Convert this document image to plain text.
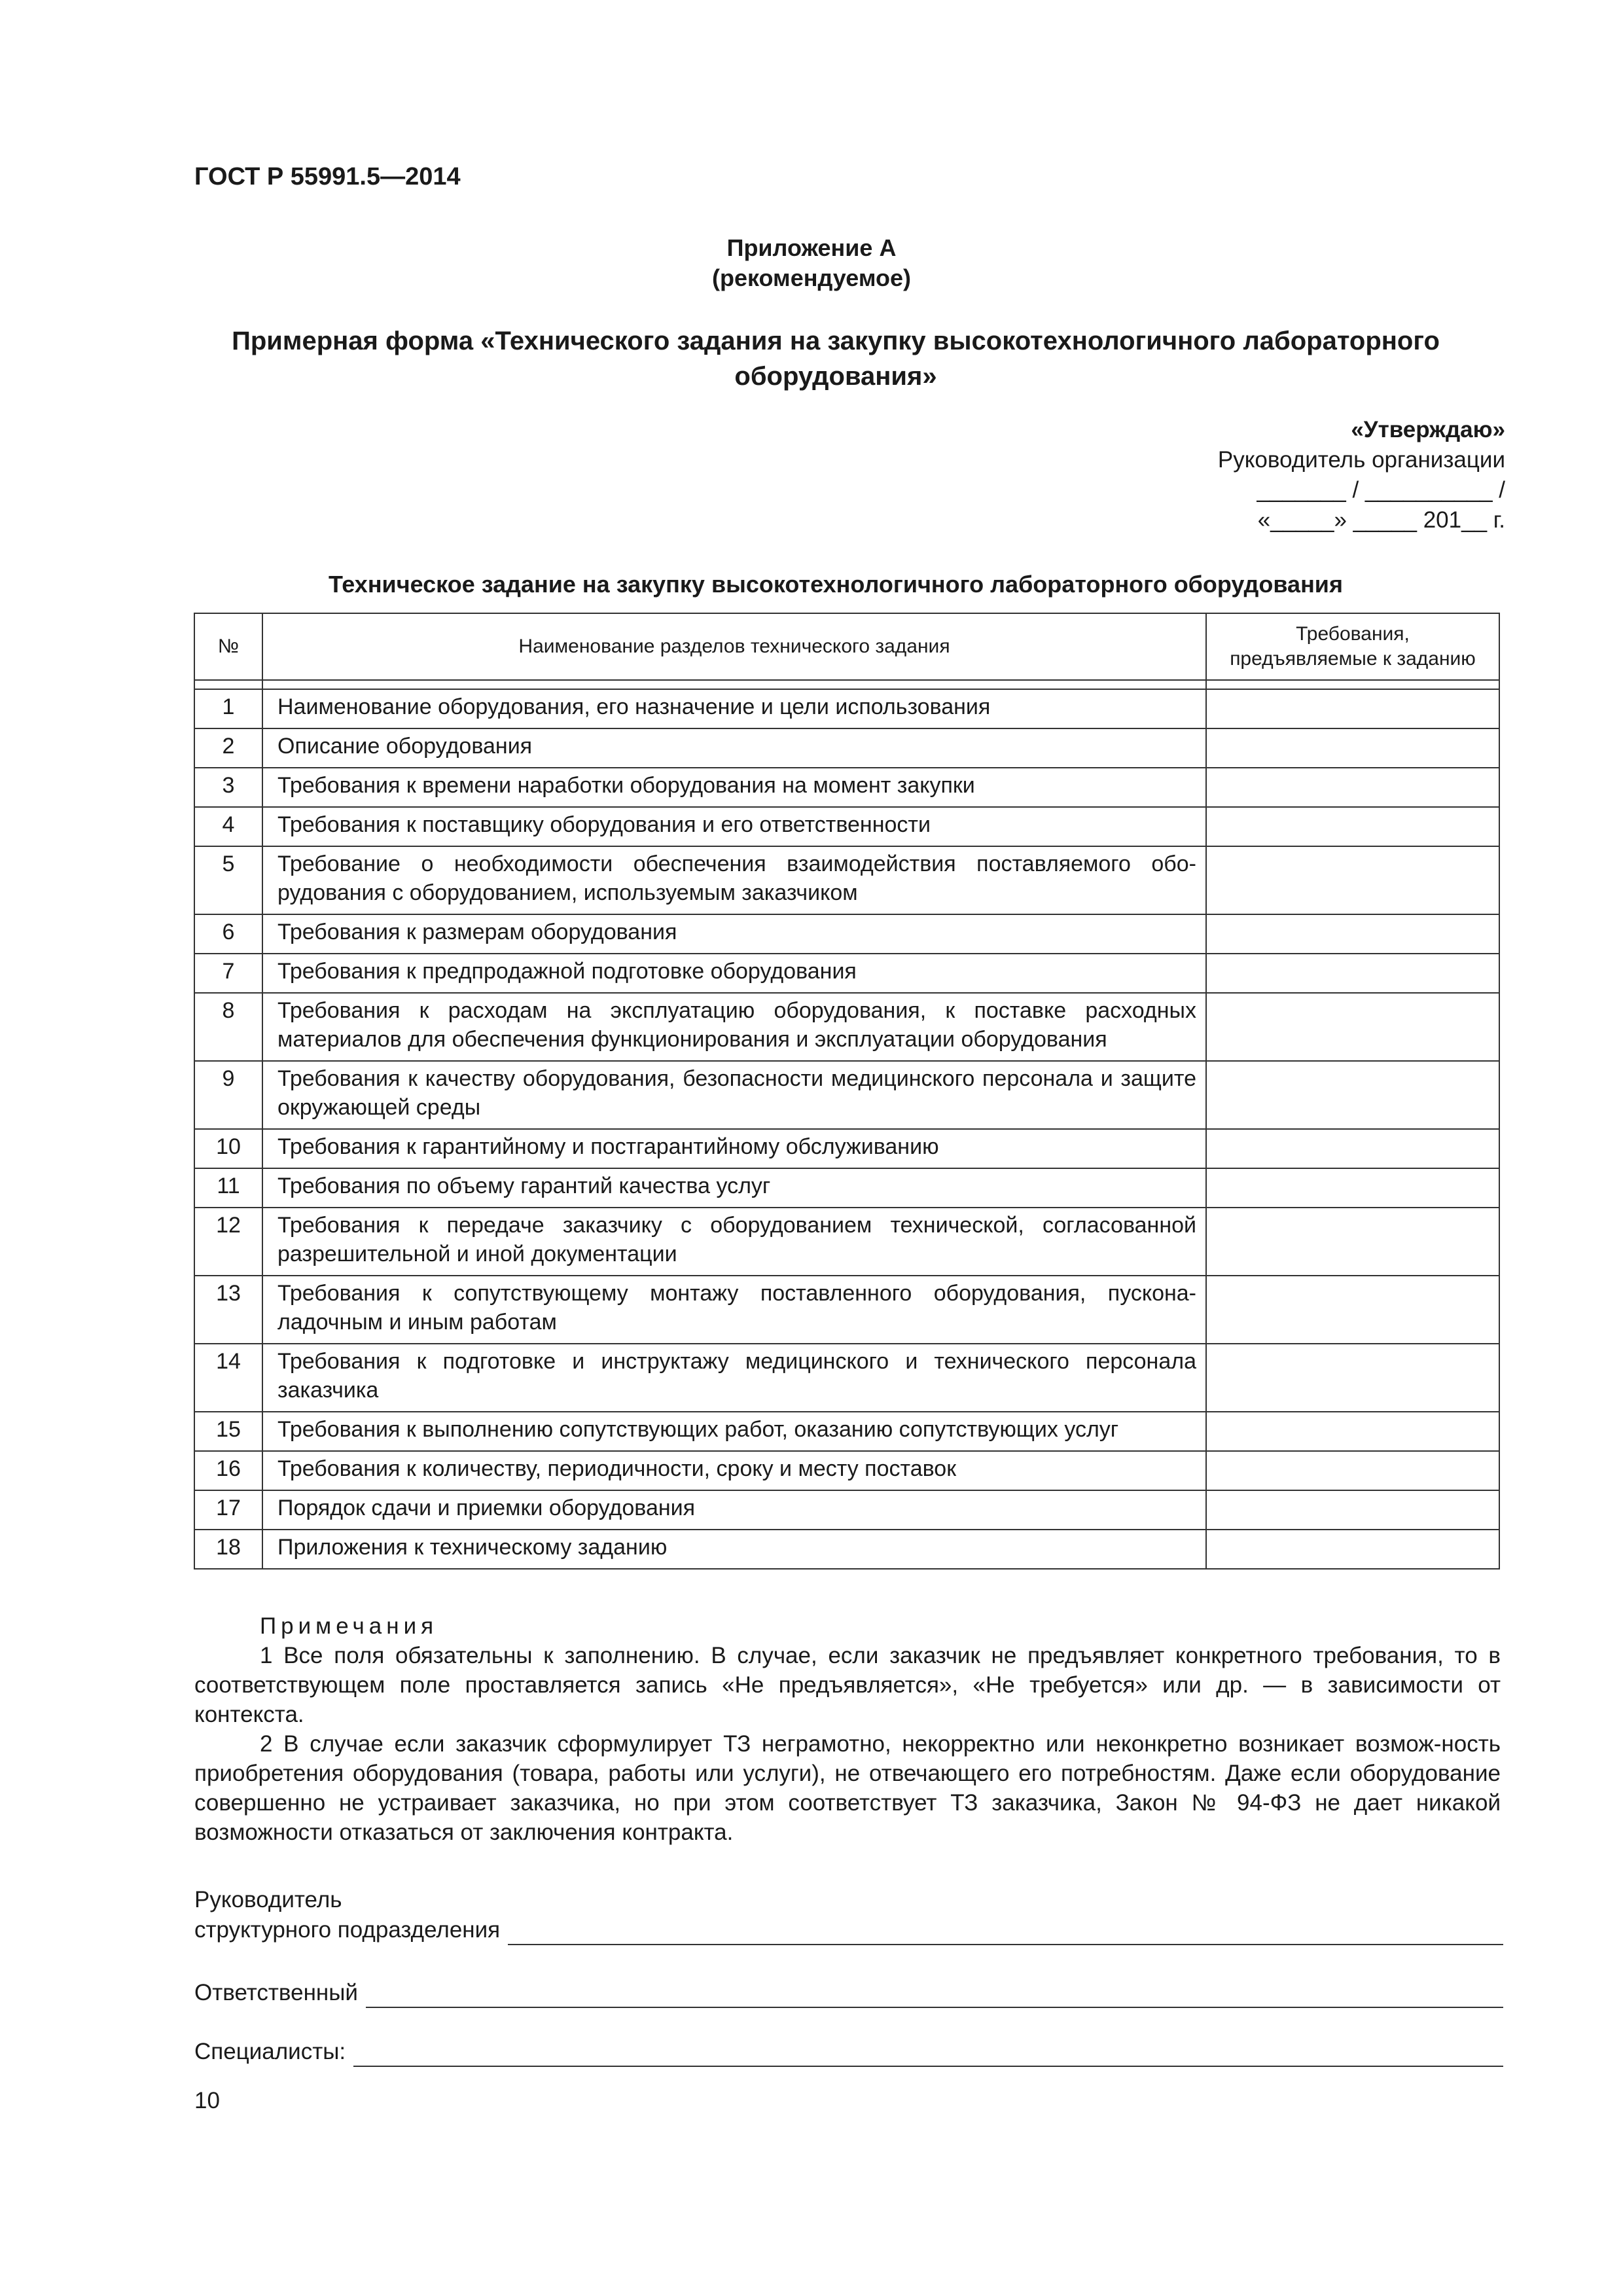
ГОСТ Р 55991.5—2014
Приложение А
(рекомендуемое)
Примерная форма «Технического задания на закупку высокотехнологичного лабораторного
оборудования»
«Утверждаю»
Руководитель организации
_______ / __________ /
«_____» _____ 201__ г.
Техническое задание на закупку высокотехнологичного лабораторного оборудования
№	Наименование разделов технического задания	Требования,
предъявляемые к заданию

1	Наименование оборудования, его назначение и цели использования	
2	Описание оборудования	
3	Требования к времени наработки оборудования на момент закупки	
4	Требования к поставщику оборудования и его ответственности	
5	Требование о необходимости обеспечения взаимодействия поставляемого обо-рудования с оборудованием, используемым заказчиком	
6	Требования к размерам оборудования	
7	Требования к предпродажной подготовке оборудования	
8	Требования к расходам на эксплуатацию оборудования, к поставке расходных материалов для обеспечения функционирования и эксплуатации оборудования	
9	Требования к качеству оборудования, безопасности медицинского персонала и защите окружающей среды	
10	Требования к гарантийному и постгарантийному обслуживанию	
11	Требования по объему гарантий качества услуг	
12	Требования к передаче заказчику с оборудованием технической, согласованной разрешительной и иной документации	
13	Требования к сопутствующему монтажу поставленного оборудования, пускона-ладочным и иным работам	
14	Требования к подготовке и инструктажу медицинского и технического персонала заказчика	
15	Требования к выполнению сопутствующих работ, оказанию сопутствующих услуг	
16	Требования к количеству, периодичности, сроку и месту поставок	
17	Порядок сдачи и приемки оборудования	
18	Приложения к техническому заданию	
Примечания

1 Все поля обязательны к заполнению. В случае, если заказчик не предъявляет конкретного требования, то в соответствующем поле проставляется запись «Не предъявляется», «Не требуется» или др. — в зависимости от контекста.

2 В случае если заказчик сформулирует ТЗ неграмотно, некорректно или неконкретно возникает возмож-ность приобретения оборудования (товара, работы или услуги), не отвечающего его потребностям. Даже если оборудование совершенно не устраивает заказчика, но при этом соответствует ТЗ заказчика, Закон № 94-ФЗ не дает никакой возможности отказаться от заключения контракта.

Руководитель
структурного подразделения
Ответственный
Специалисты:
10
